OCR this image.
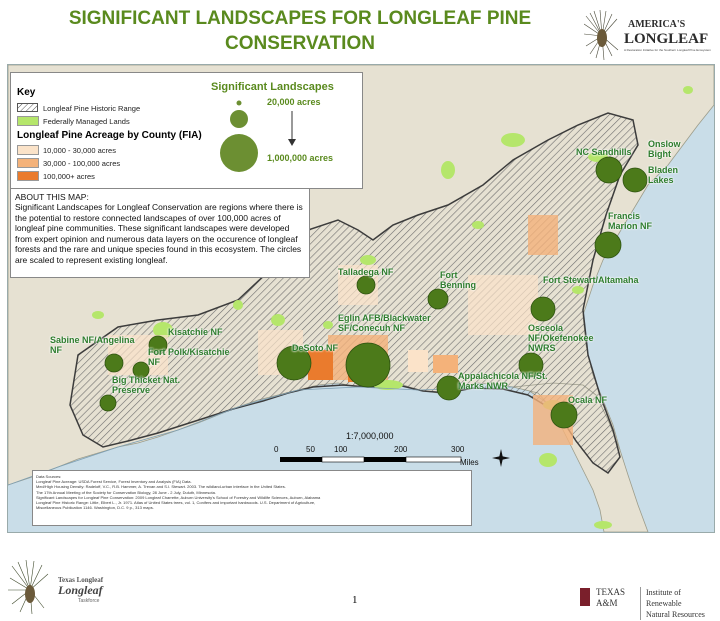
SIGNIFICANT LANDSCAPES FOR LONGLEAF PINE
CONSERVATION
AMERICA'S
LONGLEAF
A Restoration Initiative for the Southern Longleaf Pine Ecosystem
1:7,000,000
0	50 100	200	300
Miles
NC Sandhills
Onslow Bight
Bladen Lakes
Francis Marion NF
Talladega NF	Fort Benning	Fort Stewart/Altamaha
Eglin AFB/Blackwater SF/Conecuh NF	Osceola NF/Okefenokee NWRS
Kisatchie NF
Sabine NF/Angelina NF	Fort Polk/Kisatchie NF
Big Thicket Nat. Preserve
DeSoto NF
Appalachicola NF/St. Marks NWR
Ocala NF
Key
Longleaf Pine Historic Range
Federally Managed Lands
Longleaf Pine Acreage by County (FIA)
10,000 - 30,000 acres
30,000 - 100,000 acres
100,000+ acres
Significant Landscapes
20,000 acres
1,000,000 acres
ABOUT THIS MAP:
Significant Landscapes for Longleaf Conservation are regions where there is the potential to restore connected landscapes of over 100,000 acres of longleaf pine communities. These significant landscapes were developed from expert opinion and numerous data layers on the occurence of longleaf forests and the rare and unique species found in this ecosystem. The circles are scaled to represent existing longleaf.
Data Sources:
Longleaf Pine Acreage: USDA Forest Service, Forest Inventory and Analysis (FIA) Data.
Med/High Housing Density: Radeloff, V.C., R.B. Hammer, A. Trexan and S.I. Stewart. 2003. The wildland-urban interface in the United States.
The 17th Annual Meeting of the Society for Conservation Biology, 28 June - 2 July, Duluth, Minnesota.
Significant Landscapes for Longleaf Pine Conservation: 2009 Longleaf Charrette, Auburn University's School of Forestry and Wildlife Sciences, Auburn, Alabama
Longleaf Pine Historic Range: Little, Elbert L., Jr. 1971. Atlas of United States trees, vol. 1, Conifers and important hardwoods. U.S. Department of Agriculture,
Miscellaneous Publication 1146. Washington, D.C. 9 p., 313 maps.
Texas Longleaf
Longleaf
Taskforce	1
TEXAS
A&M
Institute of Renewable
Natural Resources
